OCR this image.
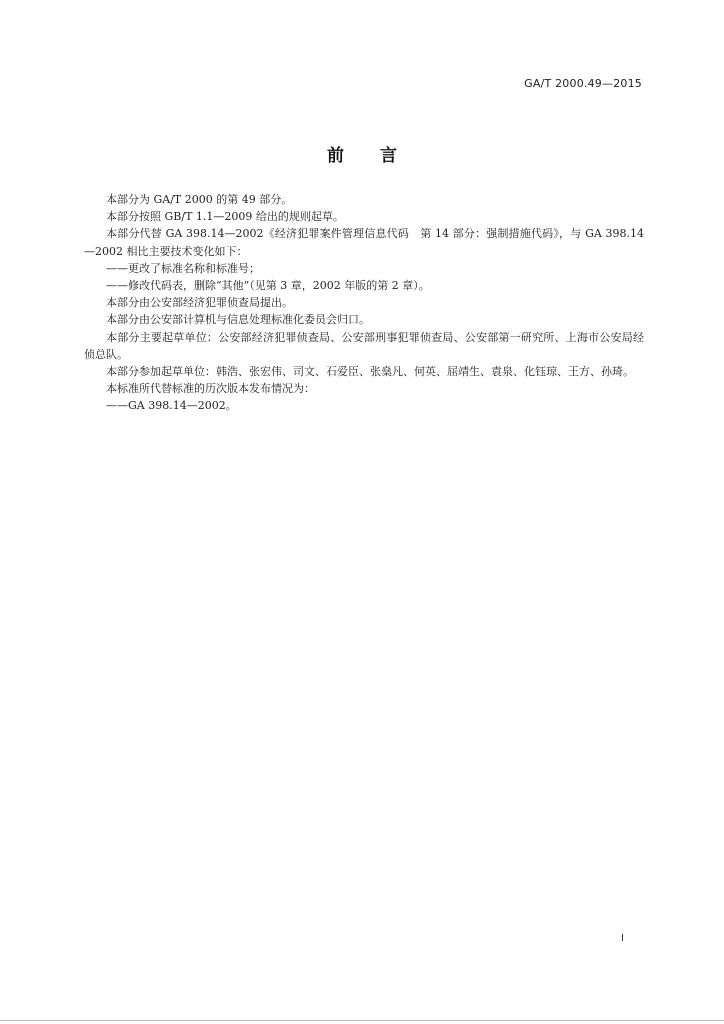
GA/T 2000.49—2015
前言

本部分为 GA/T 2000 的第 49 部分。

本部分按照 GB/T 1.1—2009 给出的规则起草。

本部分代替 GA 398.14—2002《经济犯罪案件管理信息代码　第 14 部分：强制措施代码》，与 GA 398.14—2002 相比主要技术变化如下：

——更改了标准名称和标准号；

——修改代码表，删除“其他”（见第 3 章，2002 年版的第 2 章）。

本部分由公安部经济犯罪侦查局提出。

本部分由公安部计算机与信息处理标准化委员会归口。

本部分主要起草单位：公安部经济犯罪侦查局、公安部刑事犯罪侦查局、公安部第一研究所、上海市公安局经侦总队。

本部分参加起草单位：韩浩、张宏伟、司文、石爱臣、张燊凡、何英、屈靖生、袁泉、化钰琼、王方、孙琦。

本标准所代替标准的历次版本发布情况为：

——GA 398.14—2002。

I
